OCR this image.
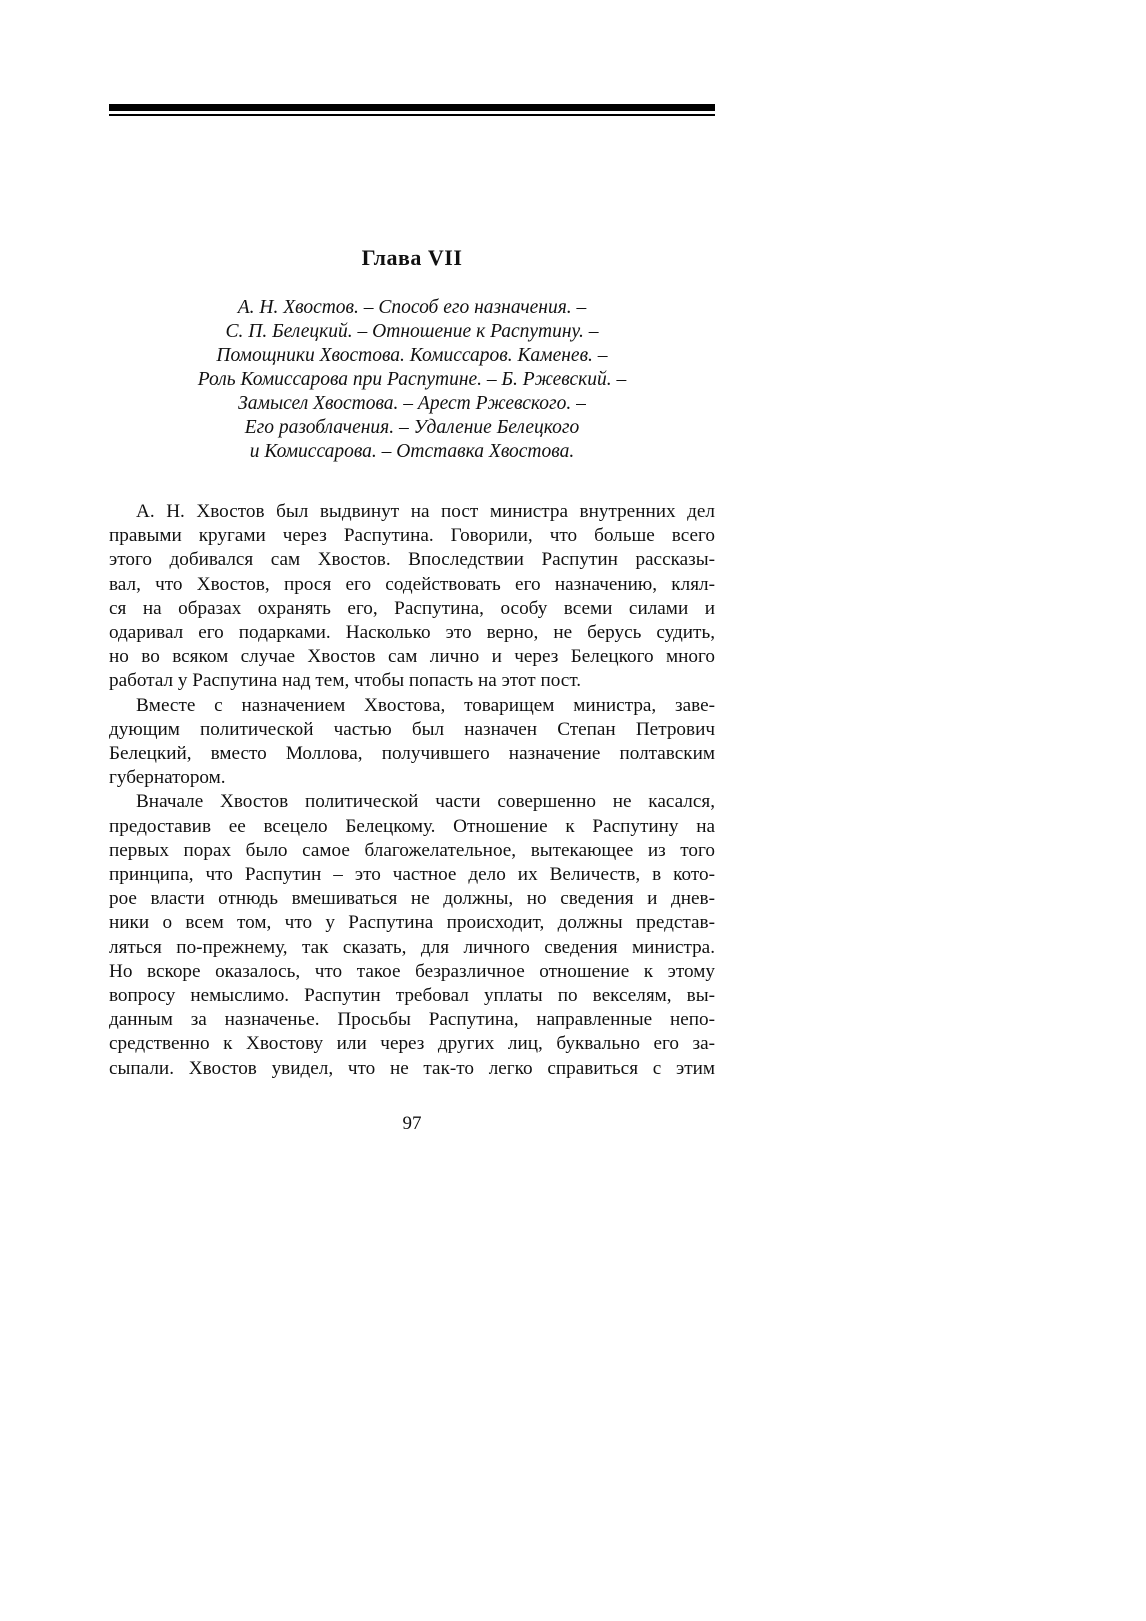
Глава VII

А. Н. Хвостов. – Способ его назначения. –
С. П. Белецкий. – Отношение к Распутину. –
Помощники Хвостова. Комиссаров. Каменев. –
Роль Комиссарова при Распутине. – Б. Ржевский. –
Замысел Хвостова. – Арест Ржевского. –
Его разоблачения. – Удаление Белецкого
и Комиссарова. – Отставка Хвостова.

А. Н. Хвостов был выдвинут на пост министра внутренних дел
правыми кругами через Распутина. Говорили, что больше всего
этого добивался сам Хвостов. Впоследствии Распутин рассказы-
вал, что Хвостов, прося его содействовать его назначению, клял-
ся на образах охранять его, Распутина, особу всеми силами и
одаривал его подарками. Насколько это верно, не берусь судить,
но во всяком случае Хвостов сам лично и через Белецкого много
работал у Распутина над тем, чтобы попасть на этот пост.

Вместе с назначением Хвостова, товарищем министра, заве-
дующим политической частью был назначен Степан Петрович
Белецкий, вместо Моллова, получившего назначение полтавским
губернатором.

Вначале Хвостов политической части совершенно не касался,
предоставив ее всецело Белецкому. Отношение к Распутину на
первых порах было самое благожелательное, вытекающее из того
принципа, что Распутин – это частное дело их Величеств, в кото-
рое власти отнюдь вмешиваться не должны, но сведения и днев-
ники о всем том, что у Распутина происходит, должны представ-
ляться по-прежнему, так сказать, для личного сведения министра.
Но вскоре оказалось, что такое безразличное отношение к этому
вопросу немыслимо. Распутин требовал уплаты по векселям, вы-
данным за назначенье. Просьбы Распутина, направленные непо-
средственно к Хвостову или через других лиц, буквально его за-
сыпали. Хвостов увидел, что не так-то легко справиться с этим

97
